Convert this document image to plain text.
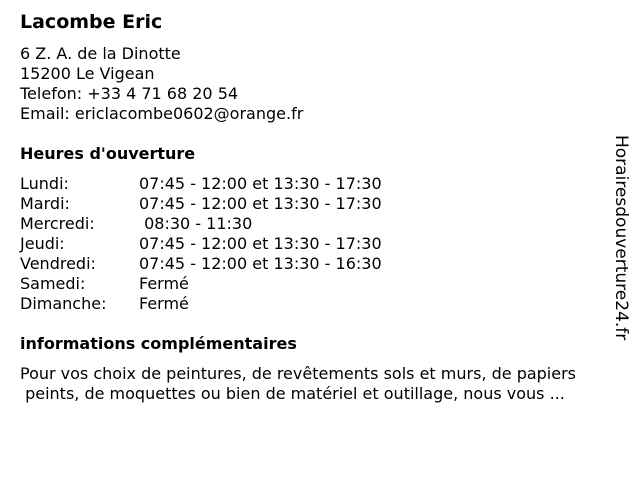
Lacombe Eric
6 Z. A. de la Dinotte
15200 Le Vigean
Telefon: +33 4 71 68 20 54
Email: ericlacombe0602@orange.fr
Heures d'ouverture
Lundi:	07:45 - 12:00 et 13:30 - 17:30
Mardi:	07:45 - 12:00 et 13:30 - 17:30
Mercredi:	08:30 - 11:30
Jeudi:	07:45 - 12:00 et 13:30 - 17:30
Vendredi:	07:45 - 12:00 et 13:30 - 16:30
Samedi:	Fermé
Dimanche: Fermé
informations complémentaires
Pour vos choix de peintures, de revêtements sols et murs, de papiers
peints, de moquettes ou bien de matériel et outillage, nous vous ...
Horairesdouverture24.fr
